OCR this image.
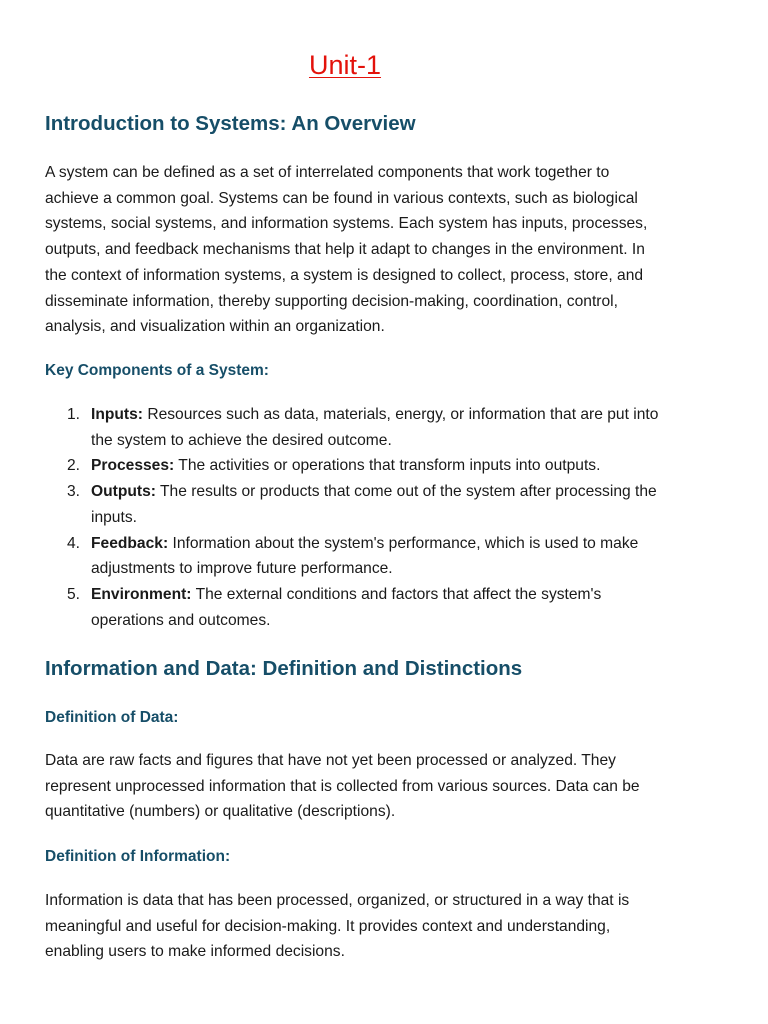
Unit-1
Introduction to Systems: An Overview

A system can be defined as a set of interrelated components that work together to
achieve a common goal. Systems can be found in various contexts, such as biological
systems, social systems, and information systems. Each system has inputs, processes,
outputs, and feedback mechanisms that help it adapt to changes in the environment. In
the context of information systems, a system is designed to collect, process, store, and
disseminate information, thereby supporting decision-making, coordination, control,
analysis, and visualization within an organization.

Key Components of a System:
1. Inputs: Resources such as data, materials, energy, or information that are put into
the system to achieve the desired outcome.
2. Processes: The activities or operations that transform inputs into outputs.
3. Outputs: The results or products that come out of the system after processing the
inputs.
4. Feedback: Information about the system's performance, which is used to make
adjustments to improve future performance.
5. Environment: The external conditions and factors that affect the system's
operations and outcomes.
Information and Data: Definition and Distinctions
Definition of Data:

Data are raw facts and figures that have not yet been processed or analyzed. They
represent unprocessed information that is collected from various sources. Data can be
quantitative (numbers) or qualitative (descriptions).

Definition of Information:

Information is data that has been processed, organized, or structured in a way that is
meaningful and useful for decision-making. It provides context and understanding,
enabling users to make informed decisions.
